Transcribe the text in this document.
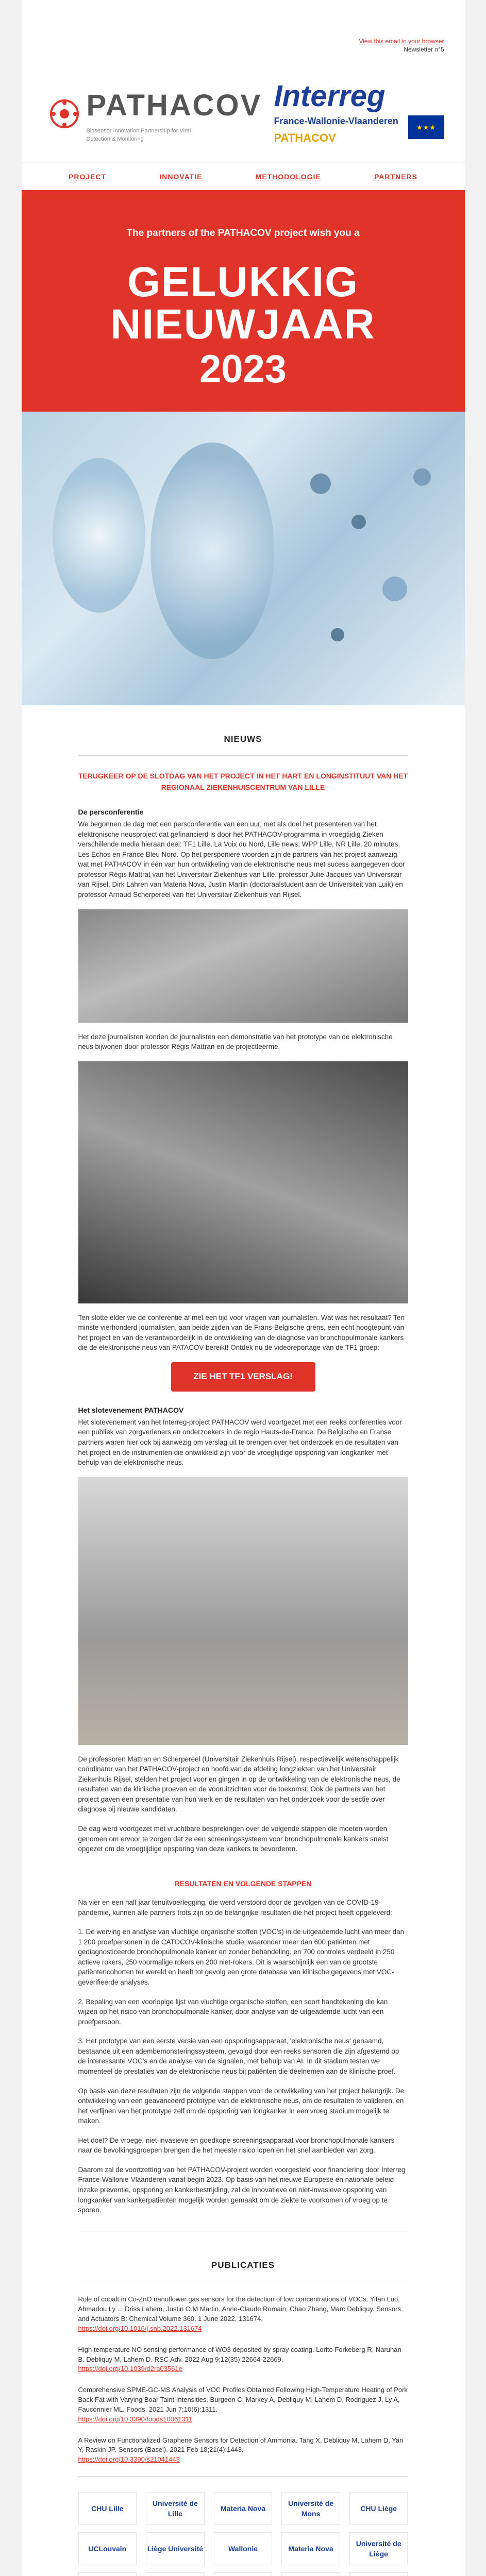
View this email in your browser
Newsletter n°5
PATHACOV
Biosensor Innovation Partnership for Viral Detection & Monitoring
Interreg
France-Wallonie-Vlaanderen
PATHACOV
★★★
PROJECT	INNOVATIE	METHODOLOGIE	PARTNERS
The partners of the PATHACOV project wish you a
GELUKKIG NIEUWJAAR
2023
NIEUWS
TERUGKEER OP DE SLOTDAG VAN HET PROJECT IN HET HART EN LONGINSTITUUT VAN HET REGIONAAL ZIEKENHUISCENTRUM VAN LILLE
De persconferentie

We begonnen de dag met een persconferentie van een uur, met als doel het presenteren van het elektronische neusproject dat gefinancierd is door het PATHACOV-programma in vroegtijdig Zieken verschillende media hieraan deel: TF1 Lille, La Voix du Nord, Lille news, WPP Lille, NR Lille, 20 minutes, Les Echos en France Bleu Nord. Op het persponiere woorden zijn de partners van het project aanwezig wat met PATHACOV in één van hun ontwikkeling van de elektronische neus met sucess aangegeven door professor Régis Mattrat van het Universitair Ziekenhuis van Lille, professor Julie Jacques van Universitair van Rijsel, Dirk Lahren van Materia Nova, Justin Martin (doctoraalstudent aan de Universiteit van Luik) en professor Arnaud Scherpereel van het Universitair Ziekenhuis van Rijsel.

Het deze journalisten konden de journalisten een demonstratie van het prototype van de elektronische neus bijwonen door professor Régis Mattran en de projectleerme.

Ten slotte elder we de conferentie af met een tijd voor vragen van journalisten. Wat was het resultaat? Ten minste vierhonderd journalisten, aan beide zijden van de Frans-Belgische grens, een echt hoogtepunt van het project en van de verantwoordelijk in de ontwikkeling van de diagnose van bronchopulmonale kankers die de elektronische neus van PATACOV bereikt! Ontdek nu de videoreportage van de TF1 groep:

ZIE HET TF1 VERSLAG!
Het slotevenement PATHACOV

Het slotevenement van het Interreg-project PATHACOV werd voortgezet met een reeks conferenties voor een publiek van zorgverleners en onderzoekers in de regio Hauts-de-France. De Belgische en Franse partners waren hier ook bij aanwezig om verslag uit te brengen over het onderzoek en de resultaten van het project en de instrumenten die ontwikkeld zijn voor de vroegtijdige opsporing van longkanker met behulp van de elektronische neus.

De professoren Mattran en Scherpereel (Universitair Ziekenhuis Rijsel), respectievelijk wetenschappelijk coördinator van het PATHACOV-project en hoofd van de afdeling longziekten van het Universitair Ziekenhuis Rijsel, stelden het project voor en gingen in op de ontwikkeling van de elektronische neus, de resultaten van de klinische proeven en de vooruitzichten voor de toekomst. Ook de partners van het project gaven een presentatie van hun werk en de resultaten van het onderzoek voor de sectie over diagnose bij nieuwe kandidaten.

De dag werd voortgezet met vruchtbare besprekingen over de volgende stappen die moeten worden genomen om ervoor te zorgen dat ze een screeningssysteem voor bronchopulmonale kankers snelst opgezet om de vroegtijdige opsporing van deze kankers te bevorderen.

RESULTATEN EN VOLGENDE STAPPEN

Na vier en een half jaar tenuitvoerlegging, die werd verstoord door de gevolgen van de COVID-19-pandemie, kunnen alle partners trots zijn op de belangrijke resultaten die het project heeft opgeleverd:

1. De werving en analyse van vluchtige organische stoffen (VOC's) in de uitgeademde lucht van meer dan 1 200 proefpersonen in de CATOCOV-klinische studie, waaronder meer dan 600 patiënten met gediagnosticeerde bronchopulmonale kanker en zonder behandeling, en 700 controles verdeeld in 250 actieve rokers, 250 voormalige rokers en 200 niet-rokers. Dit is waarschijnlijk een van de grootste patiëntencohorten ter wereld en heeft tot gevolg een grote database van klinische gegevens met VOC-geverifieerde analyses.

2. Bepaling van een voorlopige lijst van vluchtige organische stoffen, een soort handtekening die kan wijzen op het risico van bronchopulmonale kanker, door analyse van de uitgeademde lucht van een proefpersoon.

3. Het prototype van een eerste versie van een opsporingsapparaat, 'elektronische neus' genaamd, bestaande uit een adembemonsteringssysteem, gevolgd door een reeks sensoren die zijn afgestemd op de interessante VOC's en de analyse van de signalen, met behulp van AI. In dit stadium testen we momenteel de prestaties van de elektronische neus bij patiënten die deelnemen aan de klinische proef.

Op basis van deze resultaten zijn de volgende stappen voor de ontwikkeling van het project belangrijk. De ontwikkeling van een geavanceerd prototype van de elektronische neus, om de resultaten te valideren, en het verfijnen van het prototype zelf om de opsporing van longkanker in een vroeg stadium mogelijk te maken.

Het doel? De vroege, niet-invasieve en goedkope screeningsapparaat voor bronchopulmonale kankers naar de bevolkingsgroepen brengen die het meeste risico lopen en het snel aanbieden van zorg.

Daarom zal de voortzetting van het PATHACOV-project worden voorgesteld voor financiering door Interreg France-Wallonie-Vlaanderen vanaf begin 2023. Op basis van het nieuwe Europese en nationale beleid inzake preventie, opsporing en kankerbestrijding, zal de innovatieve en niet-invasieve opsporing van longkanker van kankerpatiënten mogelijk worden gemaakt om de ziekte te voorkomen of vroeg op te sporen.

PUBLICATIES
Role of cobalt in Co-ZnO nanoflower gas sensors for the detection of low concentrations of VOCs. Yifan Luo, Ahmadou Ly ... Driss Lahem, Justin O.M Martin, Anne-Claude Romain, Chao Zhang, Marc Debliquy. Sensors and Actuators B: Chemical Volume 360, 1 June 2022, 131674.
https://doi.org/10.1016/j.snb.2022.131674
High temperature NO sensing performance of WO3 deposited by spray coating. Lorito Forkeberg R, Naruhan B, Debliquy M, Lahem D. RSC Adv. 2022 Aug 9;12(35):22664-22669.
https://doi.org/10.1039/d2ra03561e
Comprehensive SPME-GC-MS Analysis of VOC Profiles Obtained Following High-Temperature Heating of Pork Back Fat with Varying Boar Taint Intensities. Burgeon C, Markey A, Debliquy M, Lahem D, Rodriguez J, Ly A, Fauconnier ML. Foods. 2021 Jun 7;10(6):1311.
https://doi.org/10.3390/foods10061311
A Review on Functionalized Graphene Sensors for Detection of Ammonia. Tang X, Debliquy M, Lahem D, Yan Y, Raskin JP. Sensors (Basel). 2021 Feb 18;21(4):1443.
https://doi.org/10.3390/s21041443
CHU Lille
Université de Lille
Materia Nova
Université de Mons
CHU Liège
UCLouvain	Liège Université	Wallonie	Materia Nova
Université de Liège
